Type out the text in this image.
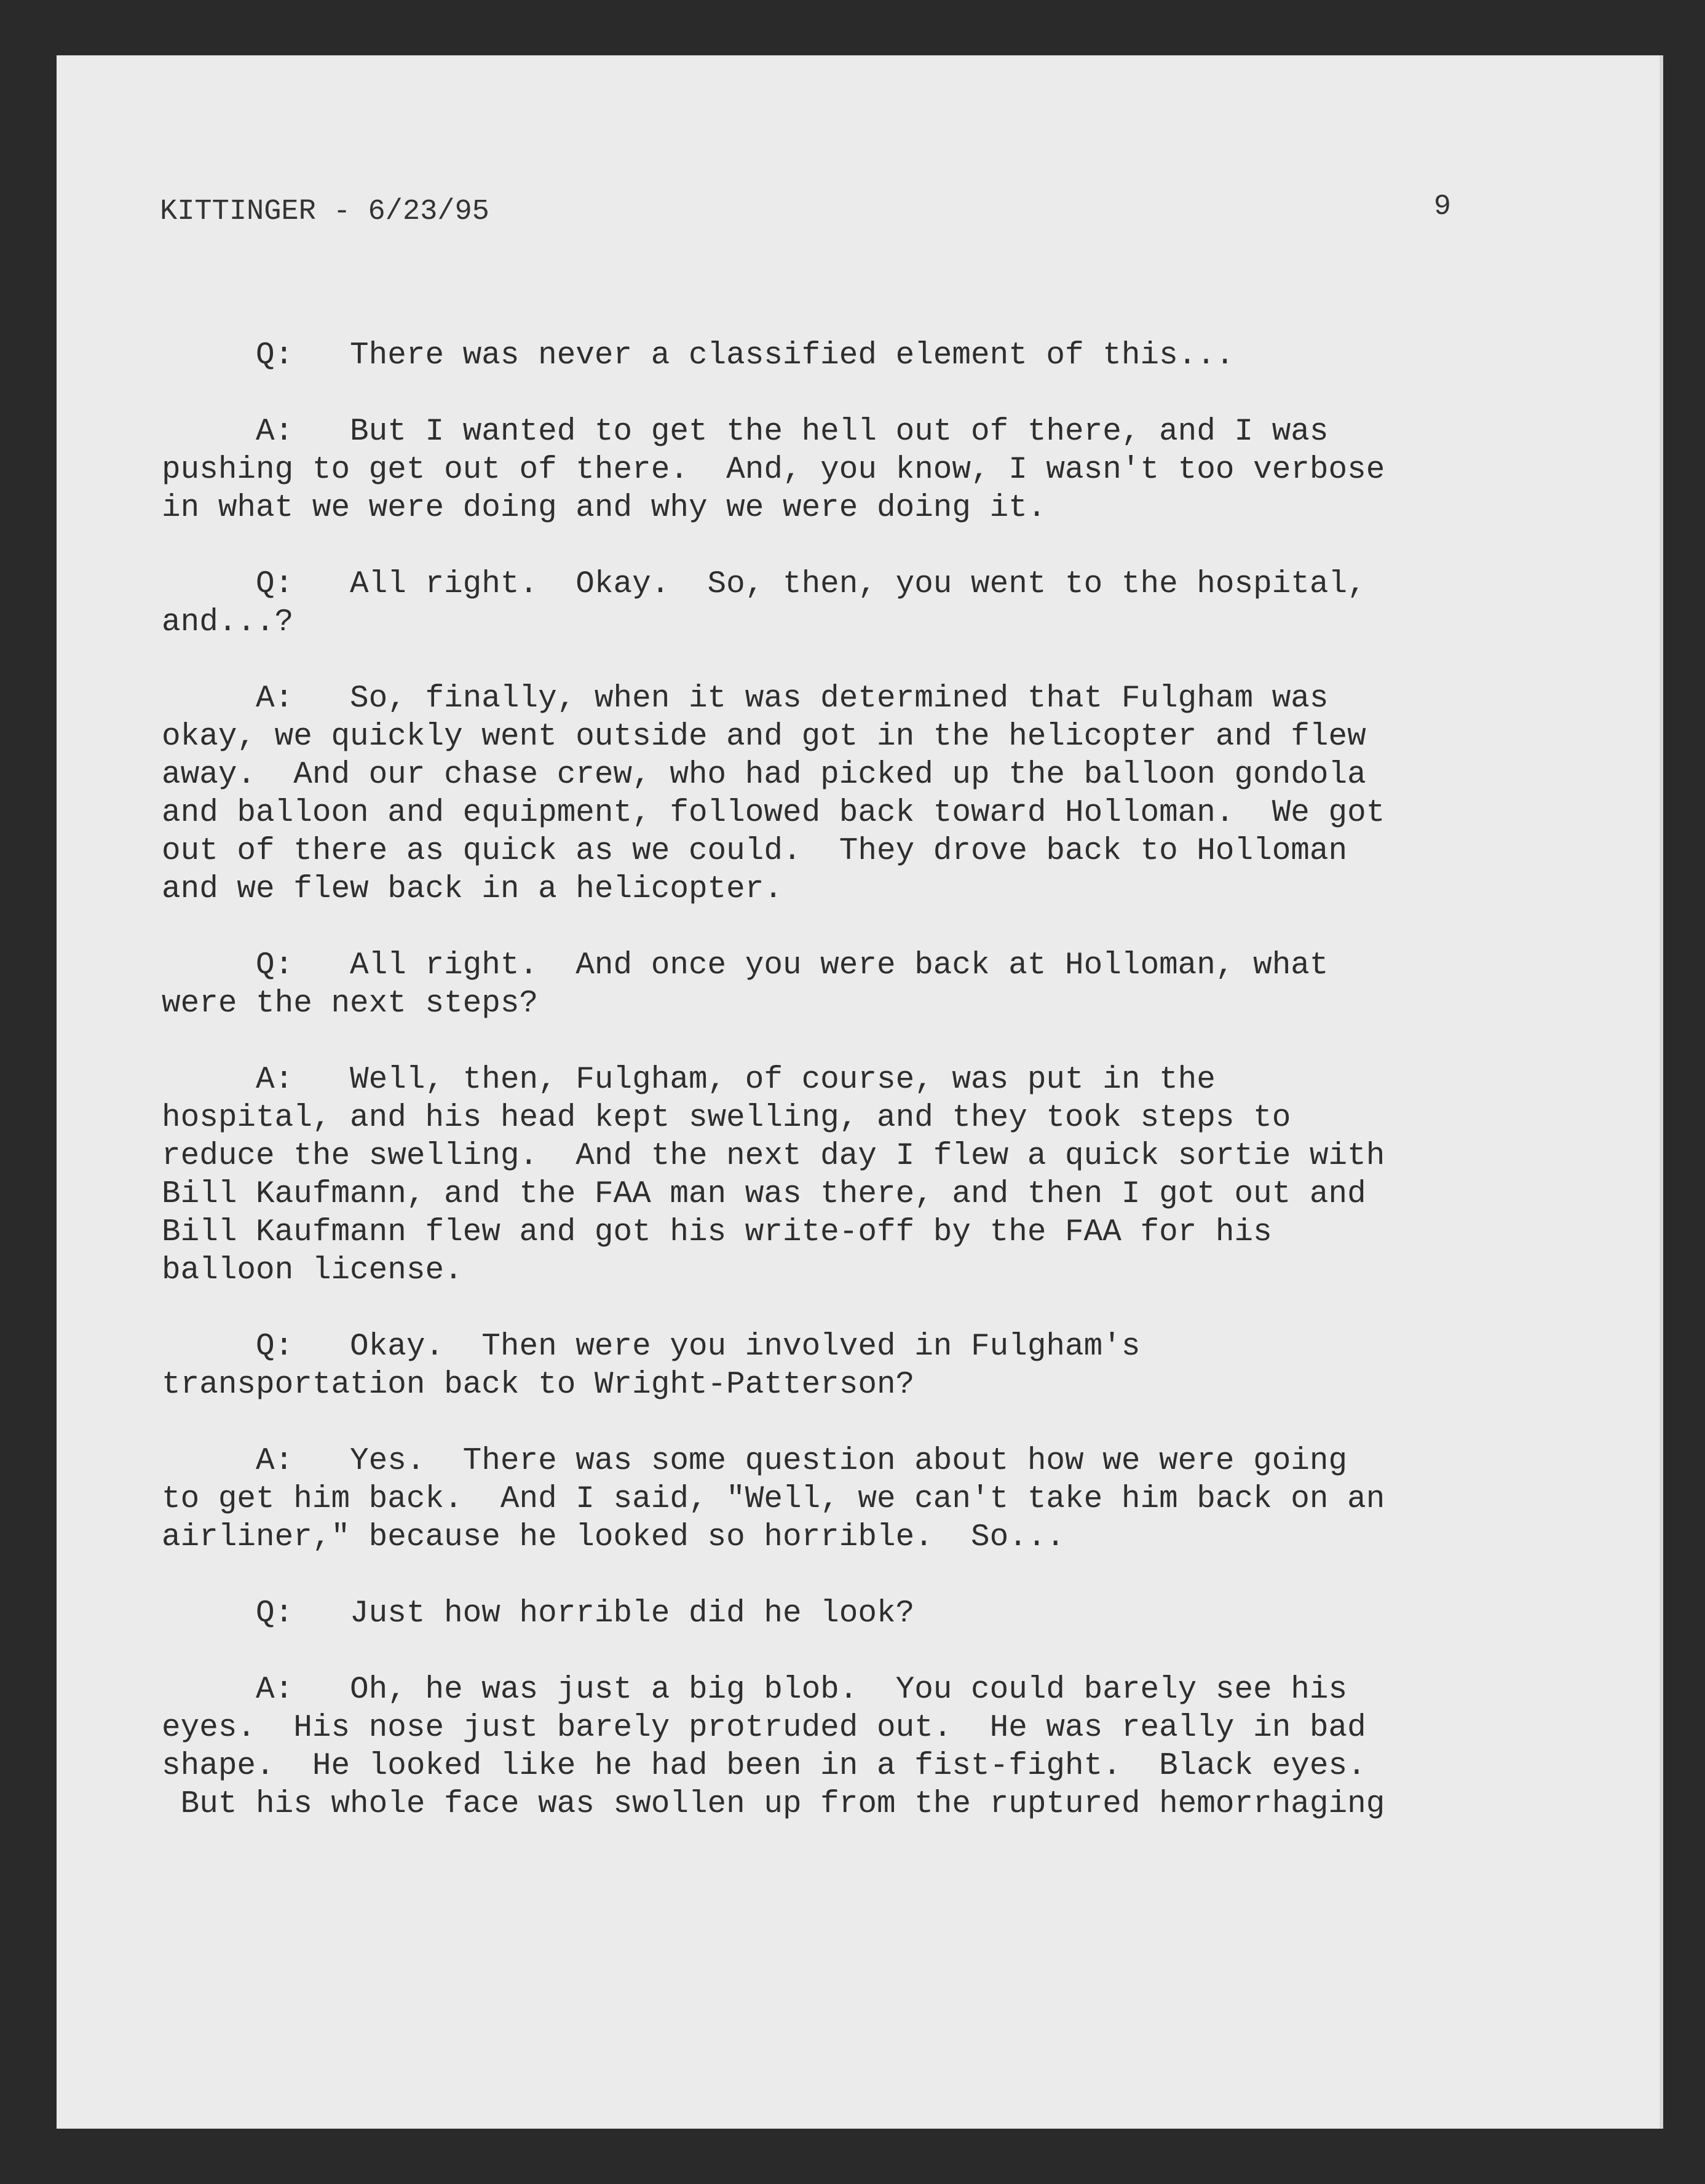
KITTINGER - 6/23/95	9
Q:   There was never a classified element of this...
A:   But I wanted to get the hell out of there, and I was
pushing to get out of there.  And, you know, I wasn't too verbose
in what we were doing and why we were doing it.
Q:   All right.  Okay.  So, then, you went to the hospital,
and...?
A:   So, finally, when it was determined that Fulgham was
okay, we quickly went outside and got in the helicopter and flew
away.  And our chase crew, who had picked up the balloon gondola
and balloon and equipment, followed back toward Holloman.  We got
out of there as quick as we could.  They drove back to Holloman
and we flew back in a helicopter.
Q:   All right.  And once you were back at Holloman, what
were the next steps?
A:   Well, then, Fulgham, of course, was put in the
hospital, and his head kept swelling, and they took steps to
reduce the swelling.  And the next day I flew a quick sortie with
Bill Kaufmann, and the FAA man was there, and then I got out and
Bill Kaufmann flew and got his write-off by the FAA for his
balloon license.
Q:   Okay.  Then were you involved in Fulgham's
transportation back to Wright-Patterson?
A:   Yes.  There was some question about how we were going
to get him back.  And I said, "Well, we can't take him back on an
airliner," because he looked so horrible.  So...
Q:   Just how horrible did he look?
A:   Oh, he was just a big blob.  You could barely see his
eyes.  His nose just barely protruded out.  He was really in bad
shape.  He looked like he had been in a fist-fight.  Black eyes.
But his whole face was swollen up from the ruptured hemorrhaging
